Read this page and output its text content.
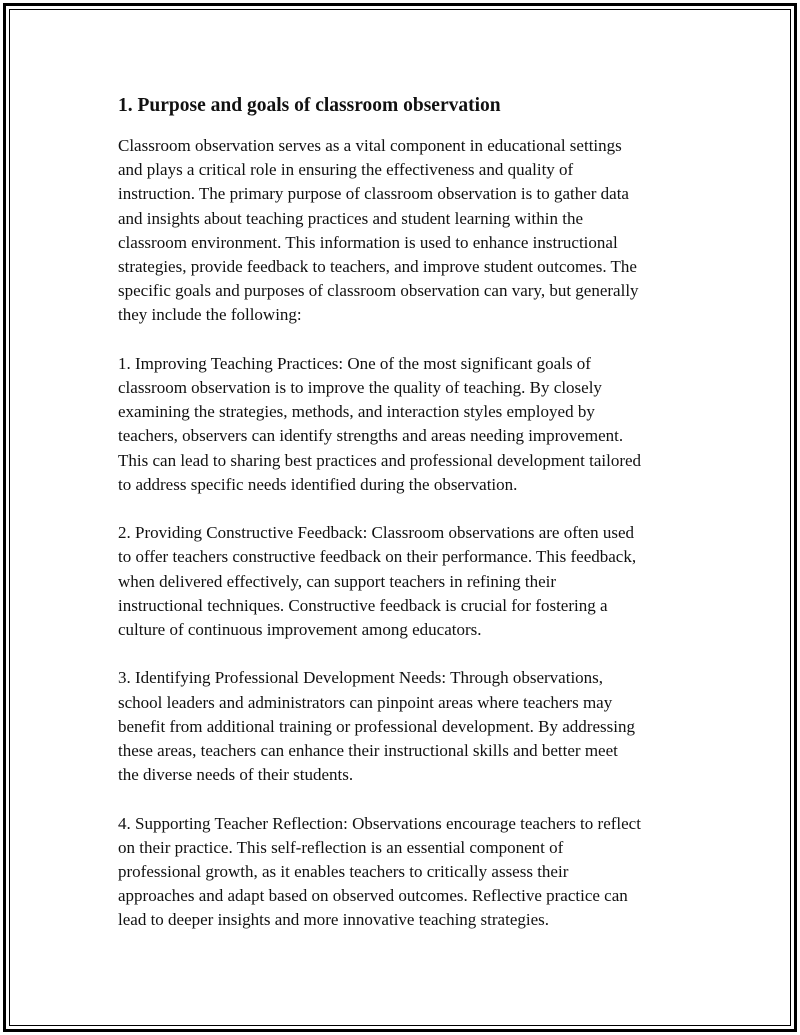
1. Purpose and goals of classroom observation
Classroom observation serves as a vital component in educational settings
and plays a critical role in ensuring the effectiveness and quality of
instruction. The primary purpose of classroom observation is to gather data
and insights about teaching practices and student learning within the
classroom environment. This information is used to enhance instructional
strategies, provide feedback to teachers, and improve student outcomes. The
specific goals and purposes of classroom observation can vary, but generally
they include the following:
1. Improving Teaching Practices: One of the most significant goals of
classroom observation is to improve the quality of teaching. By closely
examining the strategies, methods, and interaction styles employed by
teachers, observers can identify strengths and areas needing improvement.
This can lead to sharing best practices and professional development tailored
to address specific needs identified during the observation.
2. Providing Constructive Feedback: Classroom observations are often used
to offer teachers constructive feedback on their performance. This feedback,
when delivered effectively, can support teachers in refining their
instructional techniques. Constructive feedback is crucial for fostering a
culture of continuous improvement among educators.
3. Identifying Professional Development Needs: Through observations,
school leaders and administrators can pinpoint areas where teachers may
benefit from additional training or professional development. By addressing
these areas, teachers can enhance their instructional skills and better meet
the diverse needs of their students.
4. Supporting Teacher Reflection: Observations encourage teachers to reflect
on their practice. This self-reflection is an essential component of
professional growth, as it enables teachers to critically assess their
approaches and adapt based on observed outcomes. Reflective practice can
lead to deeper insights and more innovative teaching strategies.
